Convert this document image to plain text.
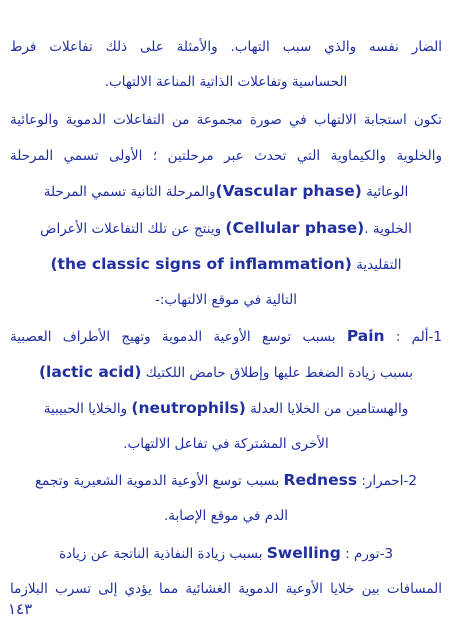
الضار نفسه والذي سبب التهاب. والأمثلة على ذلك تفاعلات فرط
الحساسية وتفاعلات الذاتية المناعة الالتهاب.
تكون استجابة الالتهاب في صورة مجموعة من التفاعلات الدموية والوعائية
والخلوية والكيماوية التي تحدث عبر مرحلتين ؛ الأولى تسمي المرحلة
الوعائية (Vascular phase)والمرحلة الثانية تسمي المرحلة
الخلوية .(Cellular phase) وينتج عن تلك التفاعلات الأعراض
التقليدية (the classic signs of inflammation)
التالية في موقع الالتهاب:-
1-ألم : Pain بسبب توسع الأوعية الدموية وتهيج الأطراف العصبية
بسبب زيادة الضغط عليها وإطلاق حامض اللكتيك (lactic acid)
والهستامين من الخلايا العدلة (neutrophils) والخلايا الحبيبية
الأخرى المشتركة في تفاعل الالتهاب.
2-احمرار: Redness بسبب توسع الأوعية الدموية الشعيرية وتجمع
الدم في موقع الإصابة.
3-تورم : Swelling بسبب زيادة النفاذية الناتجة عن زيادة
المسافات بين خلايا الأوعية الدموية الغشائية مما يؤدي إلى تسرب البلازما
١٤٣
